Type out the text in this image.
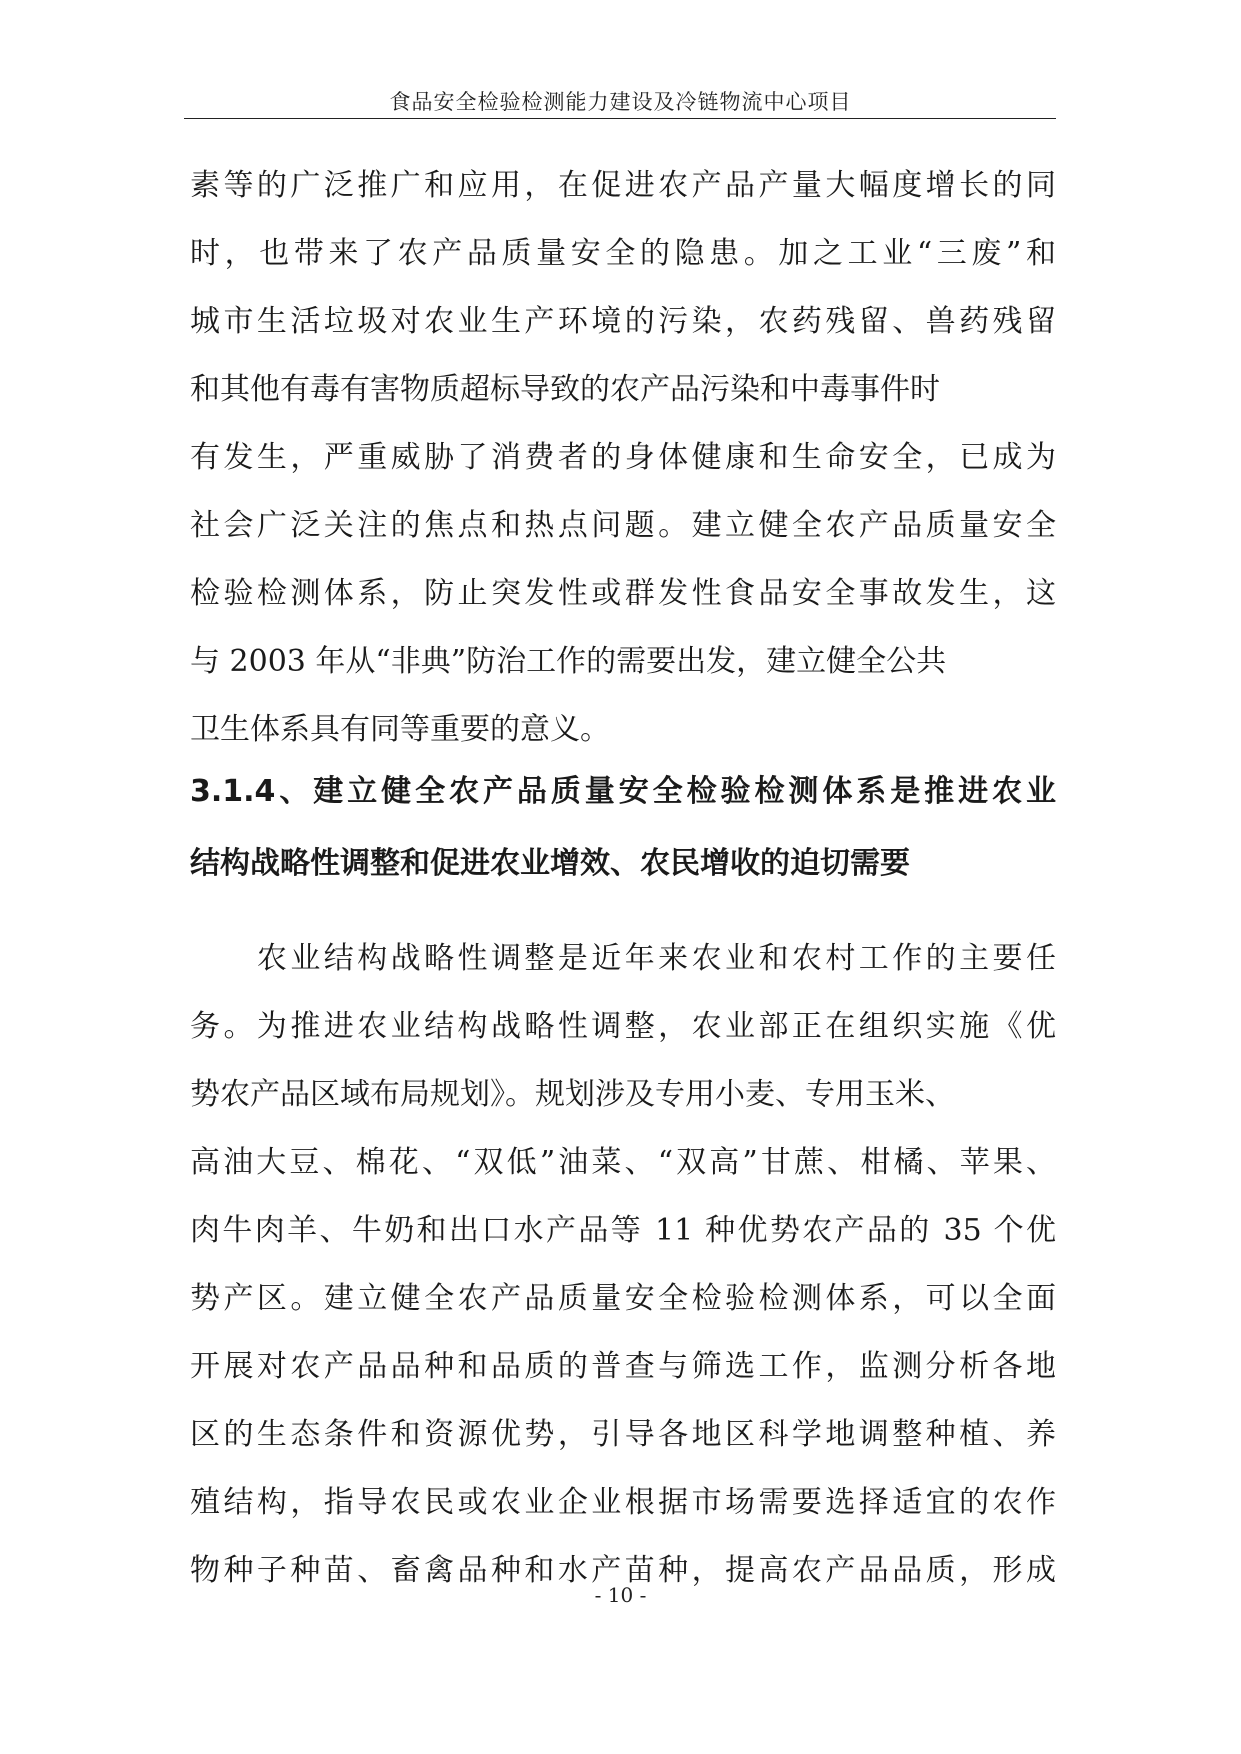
食品安全检验检测能力建设及冷链物流中心项目
素等的广泛推广和应用，在促进农产品产量大幅度增长的同
时，也带来了农产品质量安全的隐患。加之工业“三废”和
城市生活垃圾对农业生产环境的污染，农药残留、兽药残留
和其他有毒有害物质超标导致的农产品污染和中毒事件时
有发生，严重威胁了消费者的身体健康和生命安全，已成为
社会广泛关注的焦点和热点问题。建立健全农产品质量安全
检验检测体系，防止突发性或群发性食品安全事故发生，这
与 2003 年从“非典”防治工作的需要出发，建立健全公共
卫生体系具有同等重要的意义。
3.1.4、建立健全农产品质量安全检验检测体系是推进农业
结构战略性调整和促进农业增效、农民增收的迫切需要
　　农业结构战略性调整是近年来农业和农村工作的主要任
务。为推进农业结构战略性调整，农业部正在组织实施《优
势农产品区域布局规划》。规划涉及专用小麦、专用玉米、
高油大豆、棉花、“双低”油菜、“双高”甘蔗、柑橘、苹果、
肉牛肉羊、牛奶和出口水产品等 11 种优势农产品的 35 个优
势产区。建立健全农产品质量安全检验检测体系，可以全面
开展对农产品品种和品质的普查与筛选工作，监测分析各地
区的生态条件和资源优势，引导各地区科学地调整种植、养
殖结构，指导农民或农业企业根据市场需要选择适宜的农作
物种子种苗、畜禽品种和水产苗种，提高农产品品质，形成
- 10 -
